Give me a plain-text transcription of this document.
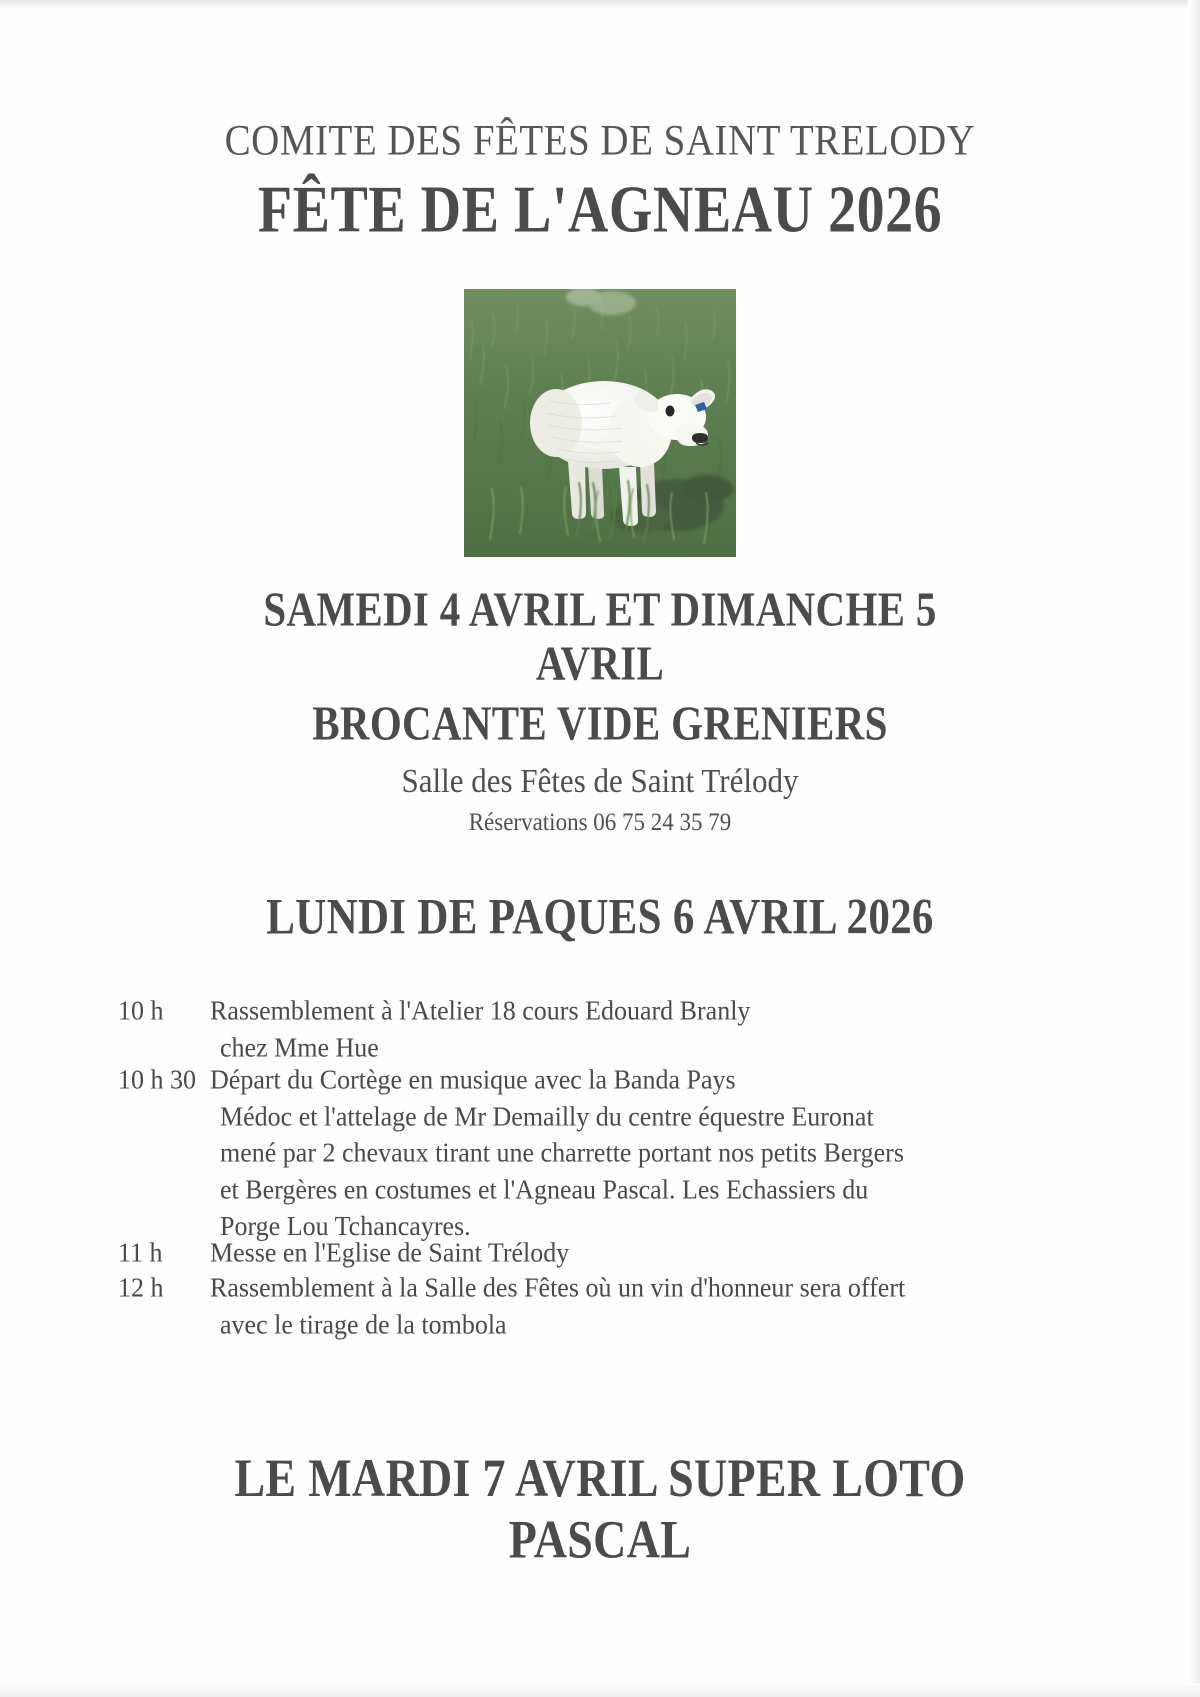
COMITE DES FÊTES DE SAINT TRELODY
FÊTE DE L'AGNEAU 2026
SAMEDI 4 AVRIL ET DIMANCHE 5
AVRIL
BROCANTE VIDE GRENIERS

Salle des Fêtes de Saint Trélody

Réservations 06 75 24 35 79

LUNDI DE PAQUES 6 AVRIL 2026
10 h	Rassemblement à l'Atelier 18 cours Edouard Branly
chez Mme Hue
10 h 30 Départ du Cortège en musique avec la Banda Pays
Médoc et l'attelage de Mr Demailly du centre équestre Euronat
mené par 2 chevaux tirant une charrette portant nos petits Bergers
et Bergères en costumes et l'Agneau Pascal. Les Echassiers du
Porge Lou Tchancayres.
11 h	Messe en l'Eglise de Saint Trélody
12 h	Rassemblement à la Salle des Fêtes où un vin d'honneur sera offert
avec le tirage de la tombola
LE MARDI 7 AVRIL SUPER LOTO
PASCAL
